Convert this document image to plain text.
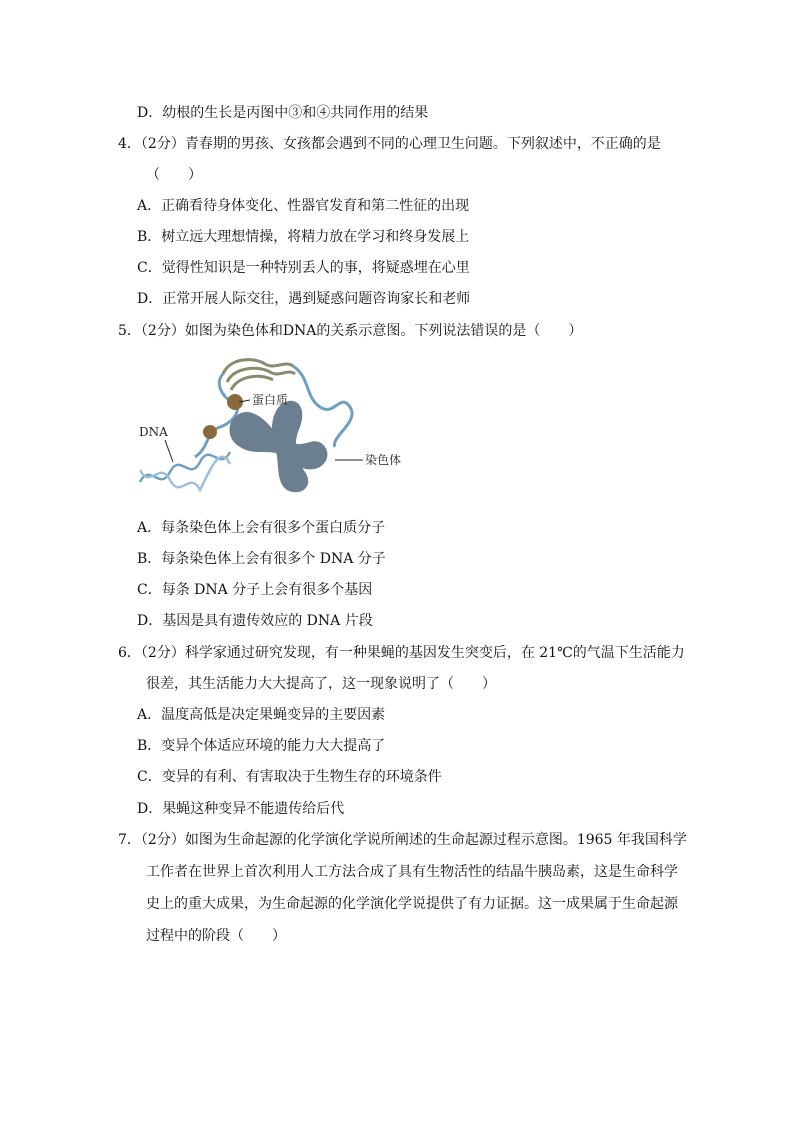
D．幼根的生长是丙图中③和④共同作用的结果
4．（2分）青春期的男孩、女孩都会遇到不同的心理卫生问题。下列叙述中，不正确的是
（　　）
A．正确看待身体变化、性器官发育和第二性征的出现
B．树立远大理想情操，将精力放在学习和终身发展上
C．觉得性知识是一种特别丢人的事，将疑惑埋在心里
D．正常开展人际交往，遇到疑惑问题咨询家长和老师
5．（2分）如图为染色体和DNA的关系示意图。下列说法错误的是（　　）
DNA
蛋白质
染色体
A．每条染色体上会有很多个蛋白质分子
B．每条染色体上会有很多个 DNA 分子
C．每条 DNA 分子上会有很多个基因
D．基因是具有遗传效应的 DNA 片段
6．（2分）科学家通过研究发现，有一种果蝇的基因发生突变后，在 21℃的气温下生活能力
很差，其生活能力大大提高了，这一现象说明了（　　）
A．温度高低是决定果蝇变异的主要因素
B．变异个体适应环境的能力大大提高了
C．变异的有利、有害取决于生物生存的环境条件
D．果蝇这种变异不能遗传给后代
7．（2分）如图为生命起源的化学演化学说所阐述的生命起源过程示意图。1965 年我国科学
工作者在世界上首次利用人工方法合成了具有生物活性的结晶牛胰岛素，这是生命科学
史上的重大成果，为生命起源的化学演化学说提供了有力证据。这一成果属于生命起源
过程中的阶段（　　）
